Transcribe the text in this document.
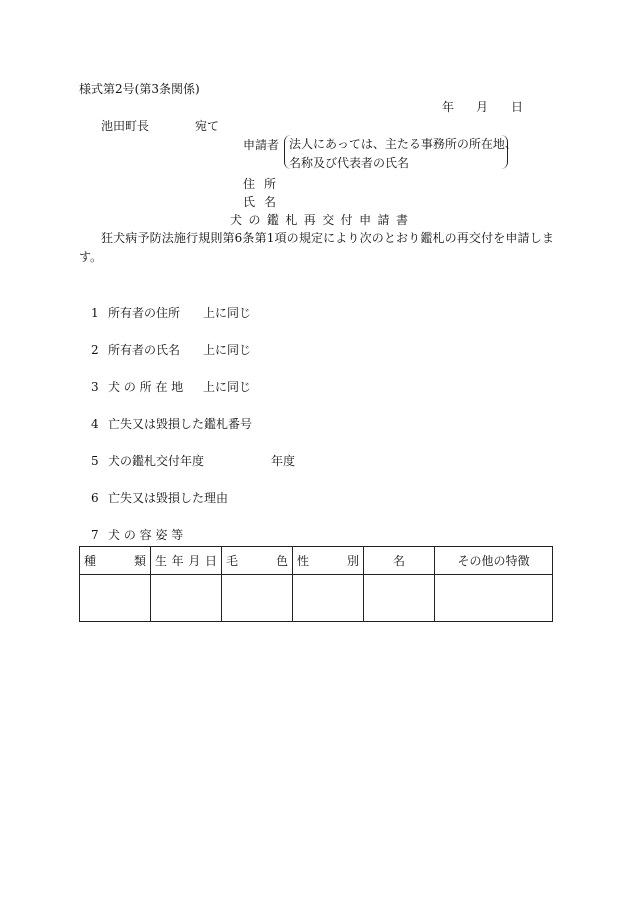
様式第2号(第3条関係)
年 月 日
池田町長	宛て
申請者 法人にあっては、主たる事務所の所在地、
名称及び代表者の氏名
住 所
氏 名
犬 の 鑑 札 再 交 付 申 請 書
狂犬病予防法施行規則第6条第1項の規定により次のとおり鑑札の再交付を申請しま
す。
1 所有者の住所 上に同じ
2 所有者の氏名 上に同じ
3 犬 の 所 在 地 上に同じ
4 亡失又は毀損した鑑札番号
5 犬の鑑札交付年度	年度
6 亡失又は毀損した理由
7 犬 の 容 姿 等
種 類	生 年 月 日	毛 色	性 別	名	その他の特徴
